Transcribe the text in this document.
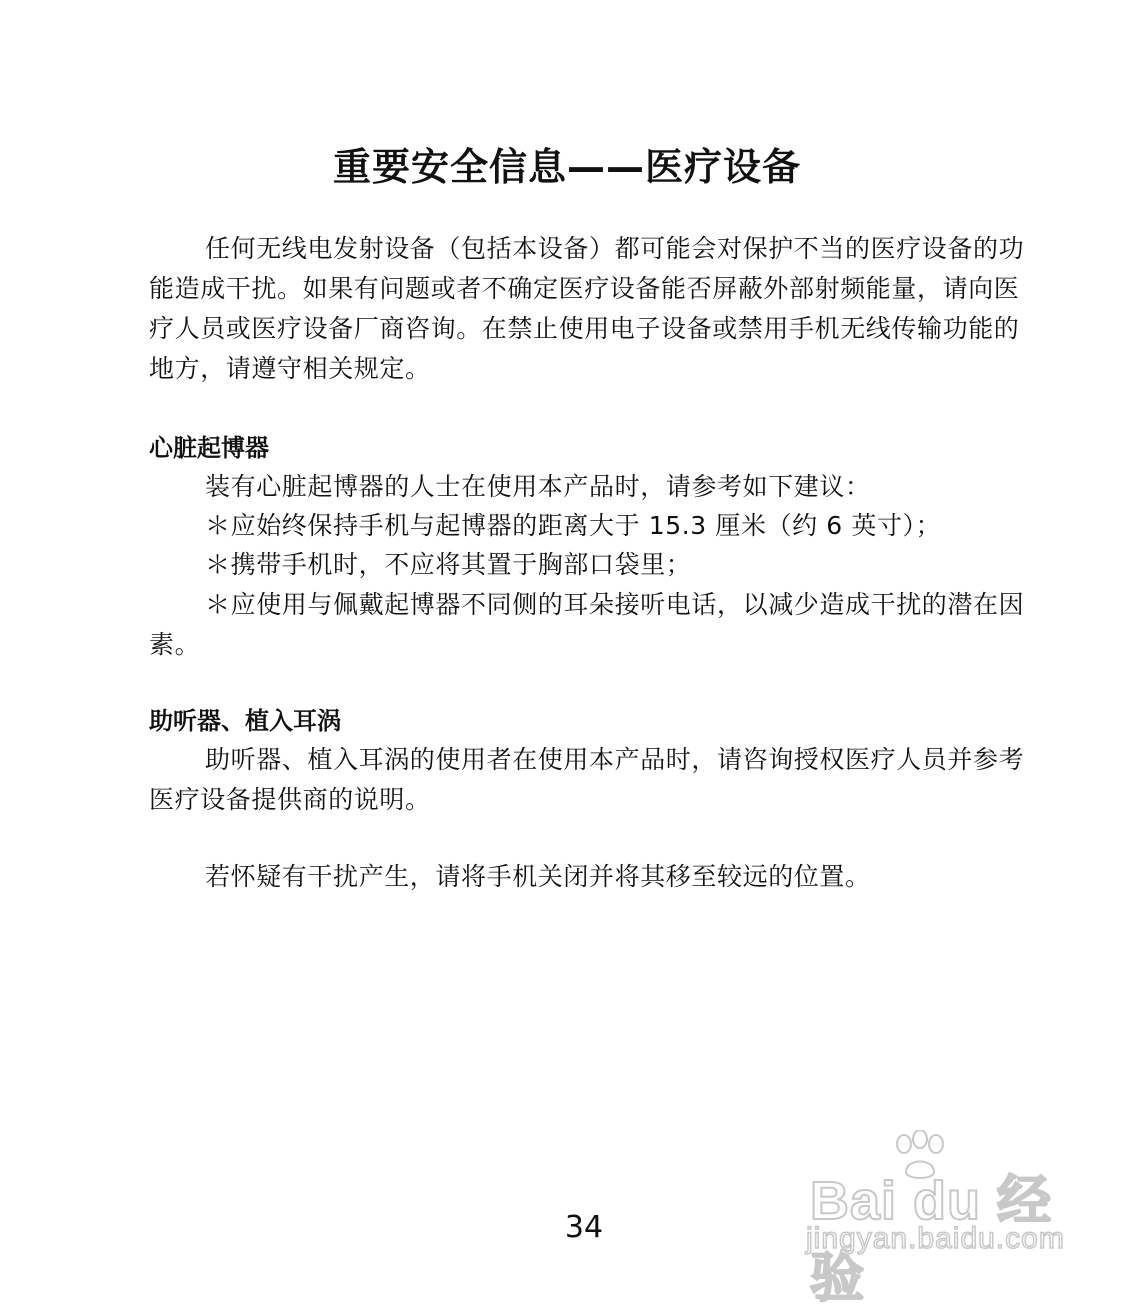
重要安全信息——医疗设备

任何无线电发射设备（包括本设备）都可能会对保护不当的医疗设备的功能造成干扰。如果有问题或者不确定医疗设备能否屏蔽外部射频能量，请向医疗人员或医疗设备厂商咨询。在禁止使用电子设备或禁用手机无线传输功能的地方，请遵守相关规定。

心脏起博器

装有心脏起博器的人士在使用本产品时，请参考如下建议：

＊应始终保持手机与起博器的距离大于 15.3 厘米（约 6 英寸）；

＊携带手机时，不应将其置于胸部口袋里；

＊应使用与佩戴起博器不同侧的耳朵接听电话，以减少造成干扰的潜在因素。

助听器、植入耳涡

助听器、植入耳涡的使用者在使用本产品时，请咨询授权医疗人员并参考医疗设备提供商的说明。

若怀疑有干扰产生，请将手机关闭并将其移至较远的位置。

34	Bai du 经验
jingyan.baidu.com
